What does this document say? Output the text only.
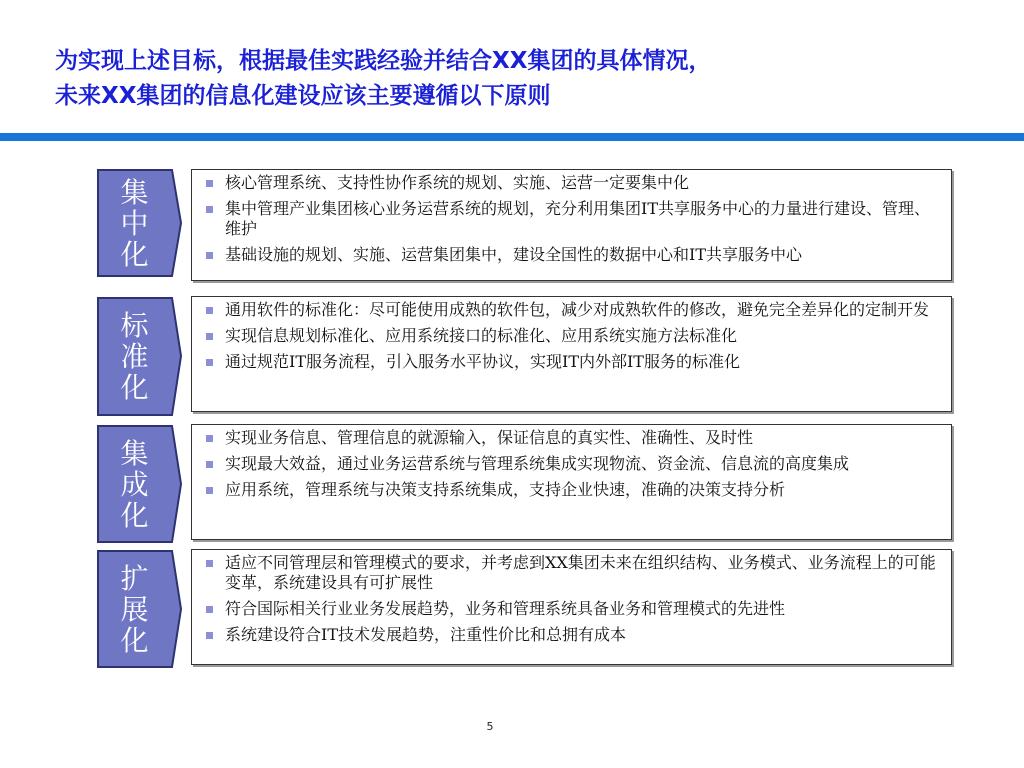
为实现上述目标，根据最佳实践经验并结合XX集团的具体情况，
未来XX集团的信息化建设应该主要遵循以下原则
集
中
化
核心管理系统、支持性协作系统的规划、实施、运营一定要集中化
集中管理产业集团核心业务运营系统的规划，充分利用集团IT共享服务中心的力量进行建设、管理、维护
基础设施的规划、实施、运营集团集中，建设全国性的数据中心和IT共享服务中心
标
准
化
通用软件的标准化：尽可能使用成熟的软件包，减少对成熟软件的修改，避免完全差异化的定制开发
实现信息规划标准化、应用系统接口的标准化、应用系统实施方法标准化
通过规范IT服务流程，引入服务水平协议，实现IT内外部IT服务的标准化
集
成
化
实现业务信息、管理信息的就源输入，保证信息的真实性、准确性、及时性
实现最大效益，通过业务运营系统与管理系统集成实现物流、资金流、信息流的高度集成
应用系统，管理系统与决策支持系统集成，支持企业快速，准确的决策支持分析
扩
展
化
适应不同管理层和管理模式的要求，并考虑到XX集团未来在组织结构、业务模式、业务流程上的可能变革，系统建设具有可扩展性
符合国际相关行业业务发展趋势，业务和管理系统具备业务和管理模式的先进性
系统建设符合IT技术发展趋势，注重性价比和总拥有成本
5
